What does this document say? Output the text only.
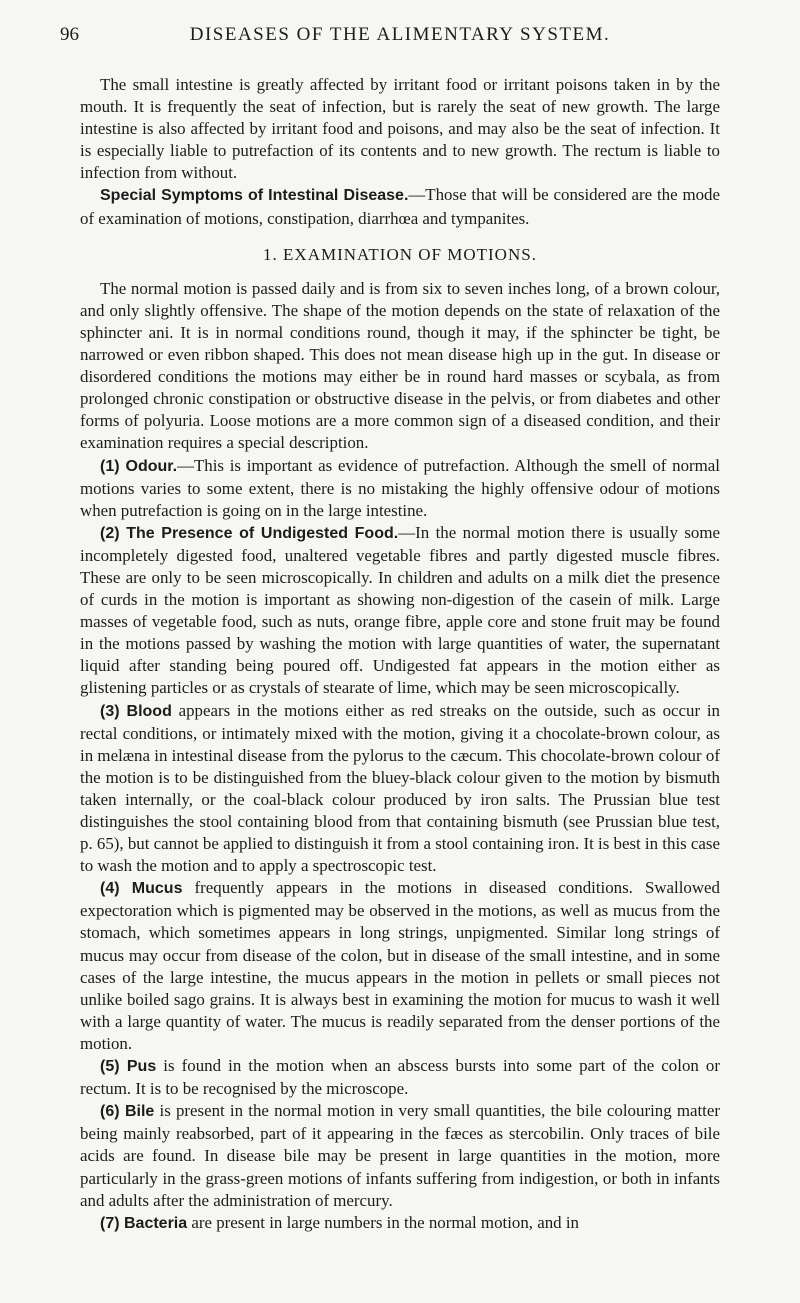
96	DISEASES OF THE ALIMENTARY SYSTEM.

The small intestine is greatly affected by irritant food or irritant poisons taken in by the mouth. It is frequently the seat of infection, but is rarely the seat of new growth. The large intestine is also affected by irritant food and poisons, and may also be the seat of infection. It is especially liable to putrefaction of its contents and to new growth. The rectum is liable to infection from without.

Special Symptoms of Intestinal Disease.—Those that will be considered are the mode of examination of motions, constipation, diarrhœa and tympanites.

1. EXAMINATION OF MOTIONS.

The normal motion is passed daily and is from six to seven inches long, of a brown colour, and only slightly offensive. The shape of the motion depends on the state of relaxation of the sphincter ani. It is in normal conditions round, though it may, if the sphincter be tight, be narrowed or even ribbon shaped. This does not mean disease high up in the gut. In disease or disordered conditions the motions may either be in round hard masses or scybala, as from prolonged chronic constipation or obstructive disease in the pelvis, or from diabetes and other forms of polyuria. Loose motions are a more common sign of a diseased condition, and their examination requires a special description.

(1) Odour.—This is important as evidence of putrefaction. Although the smell of normal motions varies to some extent, there is no mistaking the highly offensive odour of motions when putrefaction is going on in the large intestine.

(2) The Presence of Undigested Food.—In the normal motion there is usually some incompletely digested food, unaltered vegetable fibres and partly digested muscle fibres. These are only to be seen microscopically. In children and adults on a milk diet the presence of curds in the motion is important as showing non-digestion of the casein of milk. Large masses of vegetable food, such as nuts, orange fibre, apple core and stone fruit may be found in the motions passed by washing the motion with large quantities of water, the supernatant liquid after standing being poured off. Undigested fat appears in the motion either as glistening particles or as crystals of stearate of lime, which may be seen microscopically.

(3) Blood appears in the motions either as red streaks on the outside, such as occur in rectal conditions, or intimately mixed with the motion, giving it a chocolate-brown colour, as in melæna in intestinal disease from the pylorus to the cæcum. This chocolate-brown colour of the motion is to be distinguished from the bluey-black colour given to the motion by bismuth taken internally, or the coal-black colour produced by iron salts. The Prussian blue test distinguishes the stool containing blood from that containing bismuth (see Prussian blue test, p. 65), but cannot be applied to distinguish it from a stool containing iron. It is best in this case to wash the motion and to apply a spectroscopic test.

(4) Mucus frequently appears in the motions in diseased conditions. Swallowed expectoration which is pigmented may be observed in the motions, as well as mucus from the stomach, which sometimes appears in long strings, unpigmented. Similar long strings of mucus may occur from disease of the colon, but in disease of the small intestine, and in some cases of the large intestine, the mucus appears in the motion in pellets or small pieces not unlike boiled sago grains. It is always best in examining the motion for mucus to wash it well with a large quantity of water. The mucus is readily separated from the denser portions of the motion.

(5) Pus is found in the motion when an abscess bursts into some part of the colon or rectum. It is to be recognised by the microscope.

(6) Bile is present in the normal motion in very small quantities, the bile colouring matter being mainly reabsorbed, part of it appearing in the fæces as stercobilin. Only traces of bile acids are found. In disease bile may be present in large quantities in the motion, more particularly in the grass-green motions of infants suffering from indigestion, or both in infants and adults after the administration of mercury.

(7) Bacteria are present in large numbers in the normal motion, and in
